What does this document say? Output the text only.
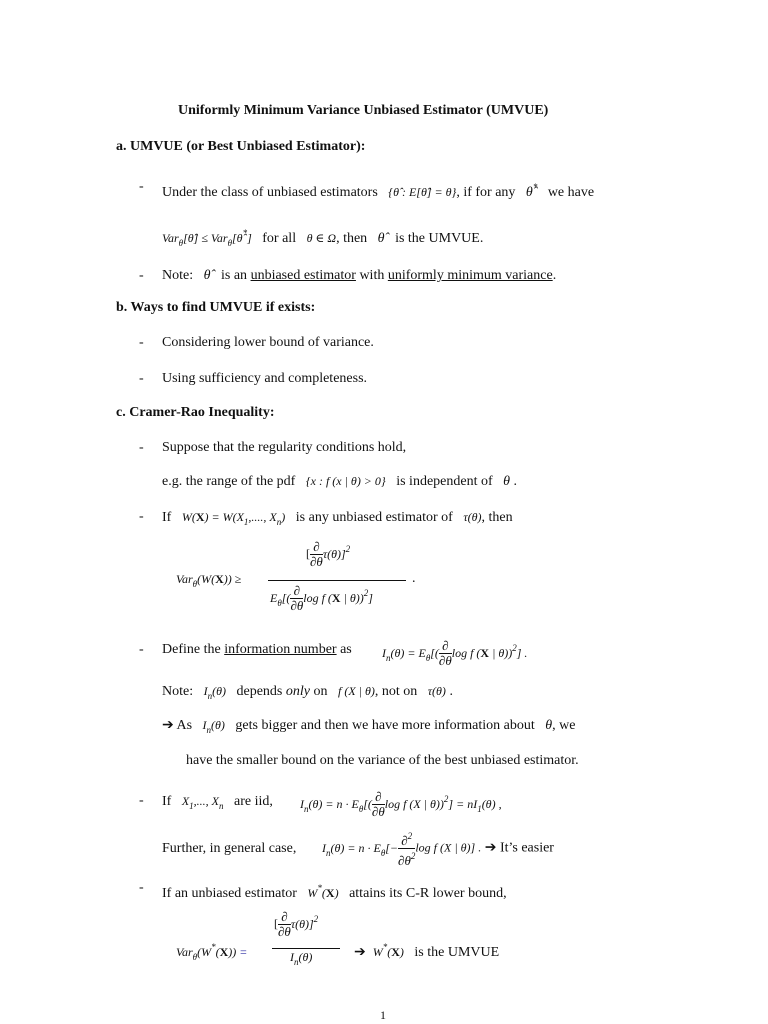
Uniformly Minimum Variance Unbiased Estimator (UMVUE)
a. UMVUE (or Best Unbiased Estimator):
- Under the class of unbiased estimators {θ̂ : E[θ̂] = θ}, if for any θ̂* we have
Var$_\theta$[θ̂] ≤ Var$_\theta$[θ̂*] for all θ ∈ Ω, then θ̂ is the UMVUE.
- Note: θ̂ is an unbiased estimator with uniformly minimum variance.
b. Ways to find UMVUE if exists:
- Considering lower bound of variance.
- Using sufficiency and completeness.
c. Cramer-Rao Inequality:
- Suppose that the regularity conditions hold,
e.g. the range of the pdf {x : f (x | θ) > 0} is independent of θ .
- If $W(X) = W(X_1$,...., $X_n$) is any unbiased estimator of τ(θ), then
Var$_\theta$(W(X)) ≥
[ $\frac{\partial}{\partial\theta} \tau(\theta)]^2$
.
$E_\theta[( \frac{\partial}{\partial\theta}$ log f (X | θ))$^2$]
- Define the information number as	$I_n(\theta) = E_\theta[( \frac{\partial}{\partial\theta}$ log f (X | θ))$^2$] .
Note: $I_n(\theta)$ depends only on f (X | θ), not on τ(θ) .
➔ As $I_n(\theta)$ gets bigger and then we have more information about θ, we
have the smaller bound on the variance of the best unbiased estimator.
- If $X_1$,..., $X_n$ are iid, $I_n(\theta) = n \cdot E_\theta[( \frac{\partial}{\partial\theta}$ log f (X | $\theta))^2] = nI_1(\theta)$ ,
Further, in general case, $I_n(\theta) = n \cdot E_\theta[- \frac{\partial^2}{\partial\theta^2}$ log f (X | θ)] . ➔ It’s easier
- If an unbiased estimator W*(X) attains its C-R lower bound,
Var$_\theta$(W*(X)) =
[ $\frac{\partial}{\partial\theta} \tau(\theta)]^2$
$I_n(\theta)$	➔ W*(X) is the UMVUE
1
